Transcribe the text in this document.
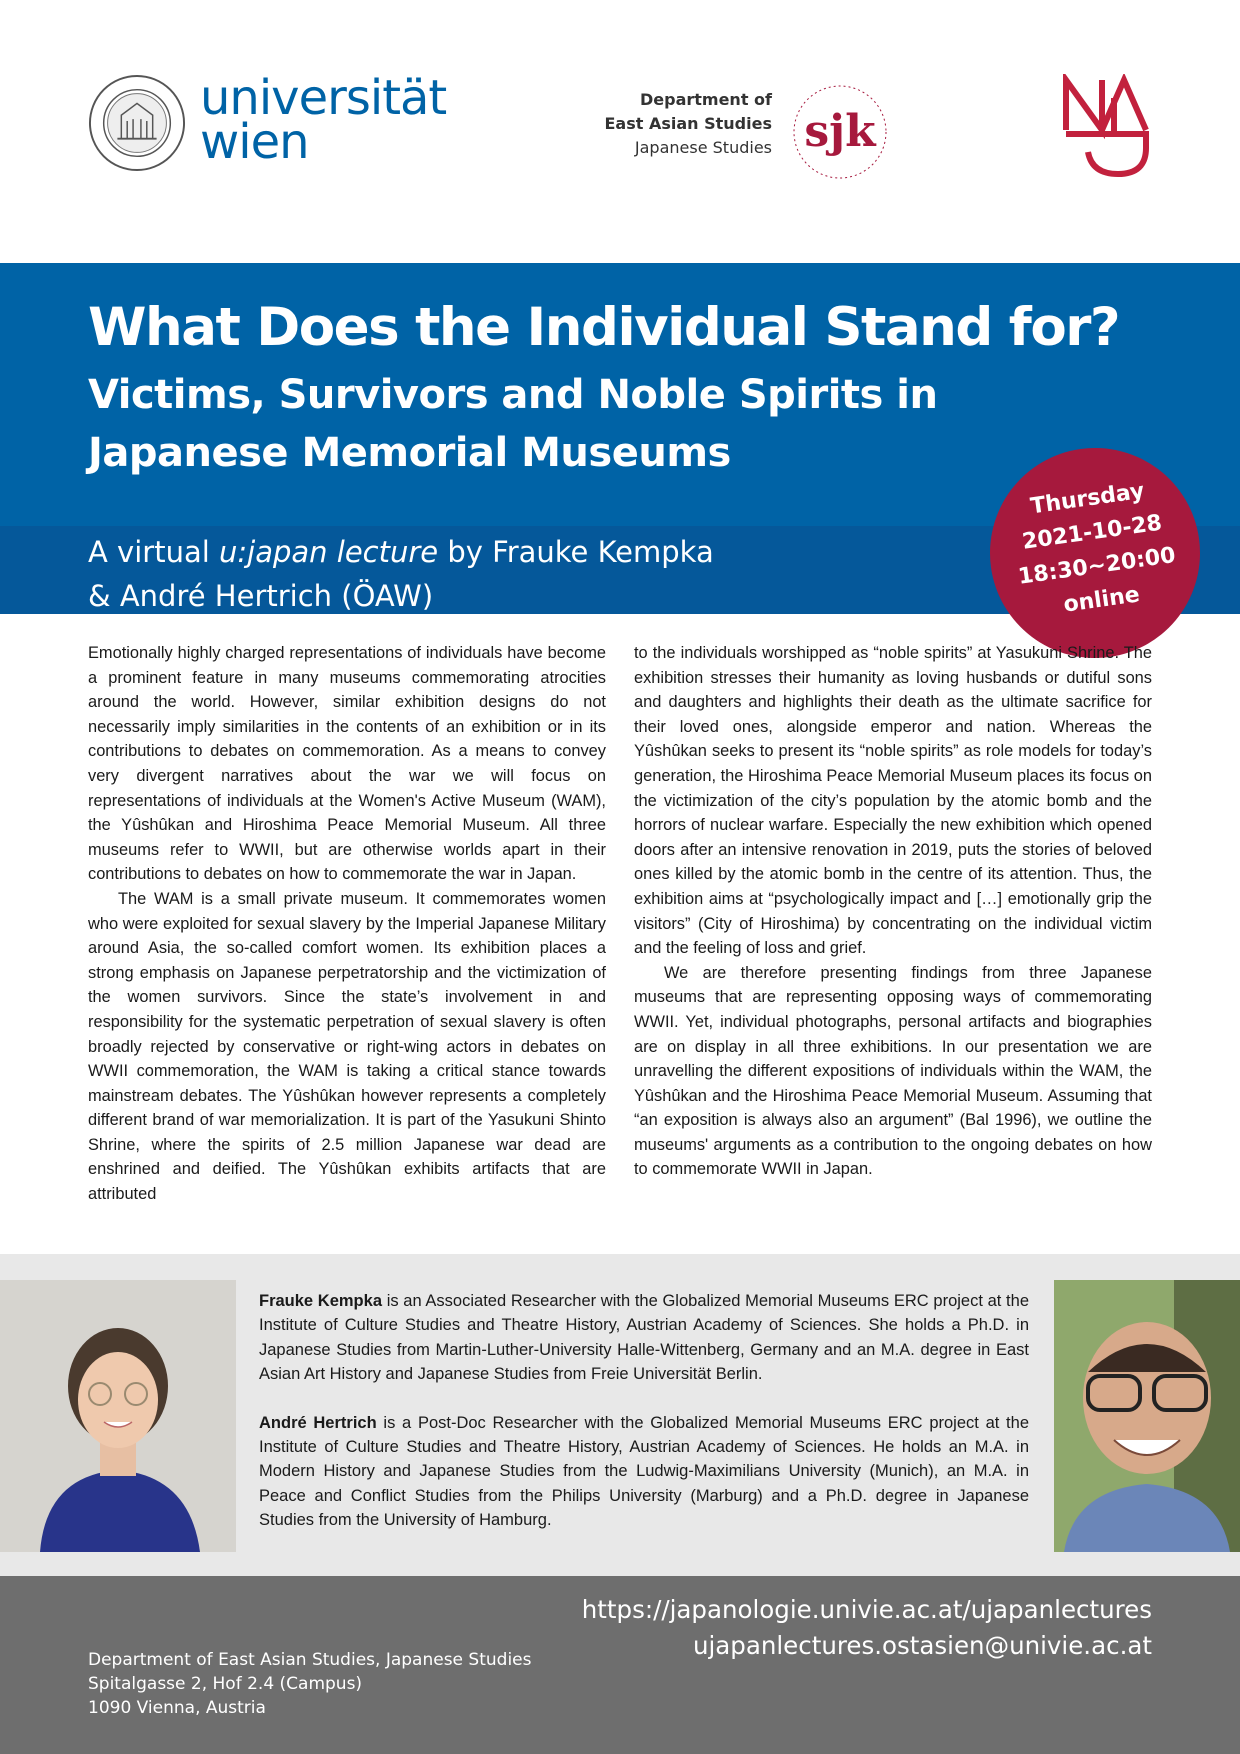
universität
wien
Department of
East Asian Studies
Japanese Studies sjk
What Does the Individual Stand for?
Victims, Survivors and Noble Spirits in
Japanese Memorial Museums
A virtual u:japan lecture by Frauke Kempka
& André Hertrich (ÖAW)
Thursday
2021-10-28
18:30~20:00
online

Emotionally highly charged representations of individuals have become a prominent feature in many museums commemorating atrocities around the world. However, similar exhibition designs do not necessarily imply similarities in the contents of an exhibition or in its contributions to debates on commemoration. As a means to convey very divergent narratives about the war we will focus on representations of individuals at the Women's Active Museum (WAM), the Yûshûkan and Hiroshima Peace Memorial Museum. All three museums refer to WWII, but are otherwise worlds apart in their contributions to debates on how to commemorate the war in Japan.

The WAM is a small private museum. It commemorates women who were exploited for sexual slavery by the Imperial Japanese Military around Asia, the so-called comfort women. Its exhibition places a strong emphasis on Japanese perpetratorship and the victimization of the women survivors. Since the state’s involvement in and responsibility for the systematic perpetration of sexual slavery is often broadly rejected by conservative or right-wing actors in debates on WWII commemoration, the WAM is taking a critical stance towards mainstream debates. The Yûshûkan however represents a completely different brand of war memorialization. It is part of the Yasukuni Shinto Shrine, where the spirits of 2.5 million Japanese war dead are enshrined and deified. The Yûshûkan exhibits artifacts that are attributed

to the individuals worshipped as “noble spirits” at Yasukuni Shrine. The exhibition stresses their humanity as loving husbands or dutiful sons and daughters and highlights their death as the ultimate sacrifice for their loved ones, alongside emperor and nation. Whereas the Yûshûkan seeks to present its “noble spirits” as role models for today’s generation, the Hiroshima Peace Memorial Museum places its focus on the victimization of the city’s population by the atomic bomb and the horrors of nuclear warfare. Especially the new exhibition which opened doors after an intensive renovation in 2019, puts the stories of beloved ones killed by the atomic bomb in the centre of its attention. Thus, the exhibition aims at “psychologically impact and […] emotionally grip the visitors” (City of Hiroshima) by concentrating on the individual victim and the feeling of loss and grief.

We are therefore presenting findings from three Japanese museums that are representing opposing ways of commemorating WWII. Yet, individual photographs, personal artifacts and biographies are on display in all three exhibitions. In our presentation we are unravelling the different expositions of individuals within the WAM, the Yûshûkan and the Hiroshima Peace Memorial Museum. Assuming that “an exposition is always also an argument” (Bal 1996), we outline the museums' arguments as a contribution to the ongoing debates on how to commemorate WWII in Japan.

Frauke Kempka is an Associated Researcher with the Globalized Memorial Museums ERC project at the Institute of Culture Studies and Theatre History, Austrian Academy of Sciences. She holds a Ph.D. in Japanese Studies from Martin-Luther-University Halle-Wittenberg, Germany and an M.A. degree in East Asian Art History and Japanese Studies from Freie Universität Berlin.

André Hertrich is a Post-Doc Researcher with the Globalized Memorial Museums ERC project at the Institute of Culture Studies and Theatre History, Austrian Academy of Sciences. He holds an M.A. in Modern History and Japanese Studies from the Ludwig-Maximilians University (Munich), an M.A. in Peace and Conflict Studies from the Philips University (Marburg) and a Ph.D. degree in Japanese Studies from the University of Hamburg.

https://japanologie.univie.ac.at/ujapanlectures
ujapanlectures.ostasien@univie.ac.at
Department of East Asian Studies, Japanese Studies
Spitalgasse 2, Hof 2.4 (Campus)
1090 Vienna, Austria
